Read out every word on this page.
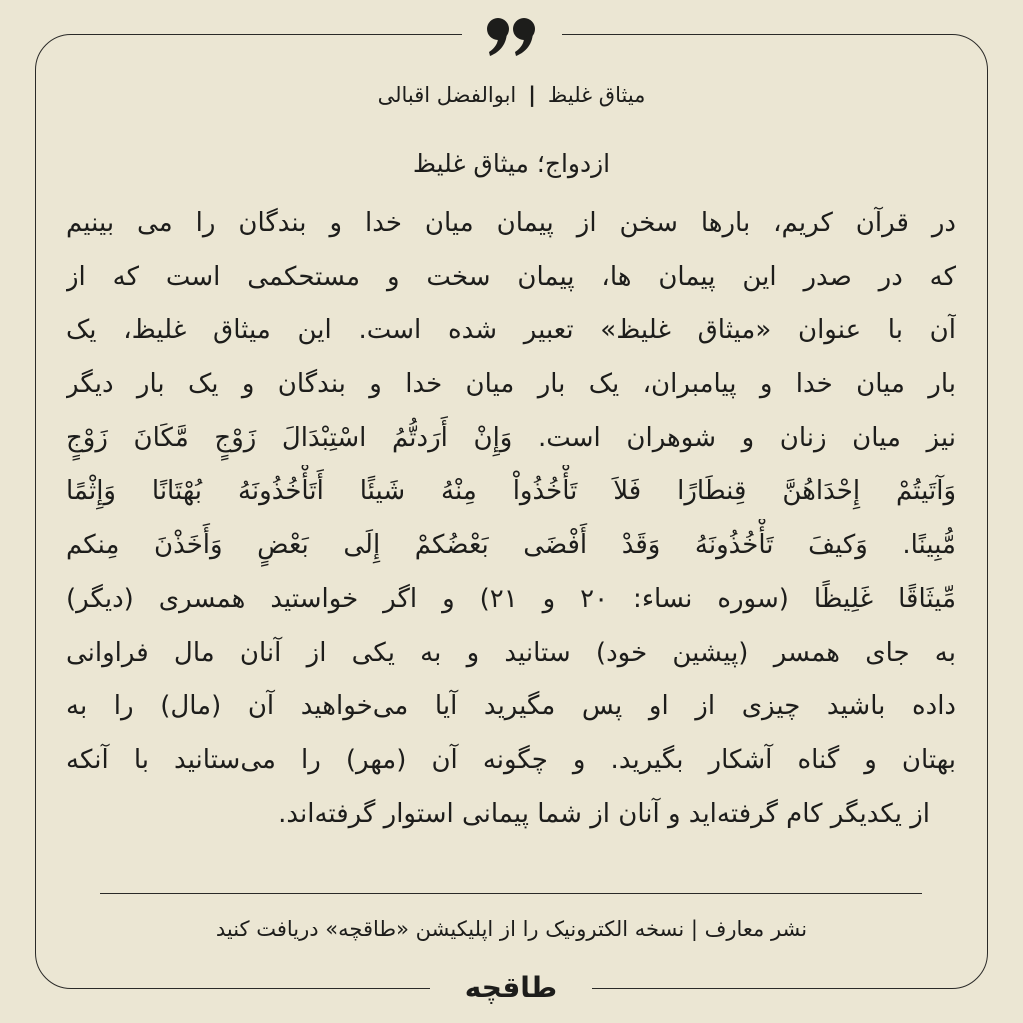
میثاق غلیظ|ابوالفضل اقبالی
ازدواج؛ میثاق غلیظ
در قرآن کریم، بارها سخن از پیمان میان خدا و بندگان را می بینیم
که در صدر این پیمان ها، پیمان سخت و مستحکمی است که از
آن با عنوان «میثاق غلیظ» تعبیر شده است. این میثاق غلیظ، یک
بار میان خدا و پیامبران، یک بار میان خدا و بندگان و یک بار دیگر
نیز میان زنان و شوهران است. وَإِنْ أَرَدتُّمُ اسْتِبْدَالَ زَوْجٍ مَّكَانَ زَوْجٍ
وَآتَيتُمْ إِحْدَاهُنَّ قِنطَارًا فَلاَ تَأْخُذُواْ مِنْهُ شَيئًا أَتَأْخُذُونَهُ بُهْتَانًا وَإِثْمًا
مُّبِينًا. وَكيفَ تَأْخُذُونَهُ وَقَدْ أَفْضَى بَعْضُكمْ إِلَى بَعْضٍ وَأَخَذْنَ مِنكم
مِّيثَاقًا غَلِيظًا (سوره نساء: ۲۰ و ۲۱) و اگر خواستید همسری (دیگر)
به جای همسر (پیشین خود) ستانید و به یکی از آنان مال فراوانی
داده باشید چیزی از او پس مگیرید آیا می‌خواهید آن (مال) را به
بهتان و گناه آشکار بگیرید. و چگونه آن (مهر) را می‌ستانید با آنکه
از یکدیگر کام گرفته‌اید و آنان از شما پیمانی استوار گرفته‌اند.
نشر معارف | نسخه الکترونیک را از اپلیکیشن «طاقچه» دریافت کنید
طاقچه
